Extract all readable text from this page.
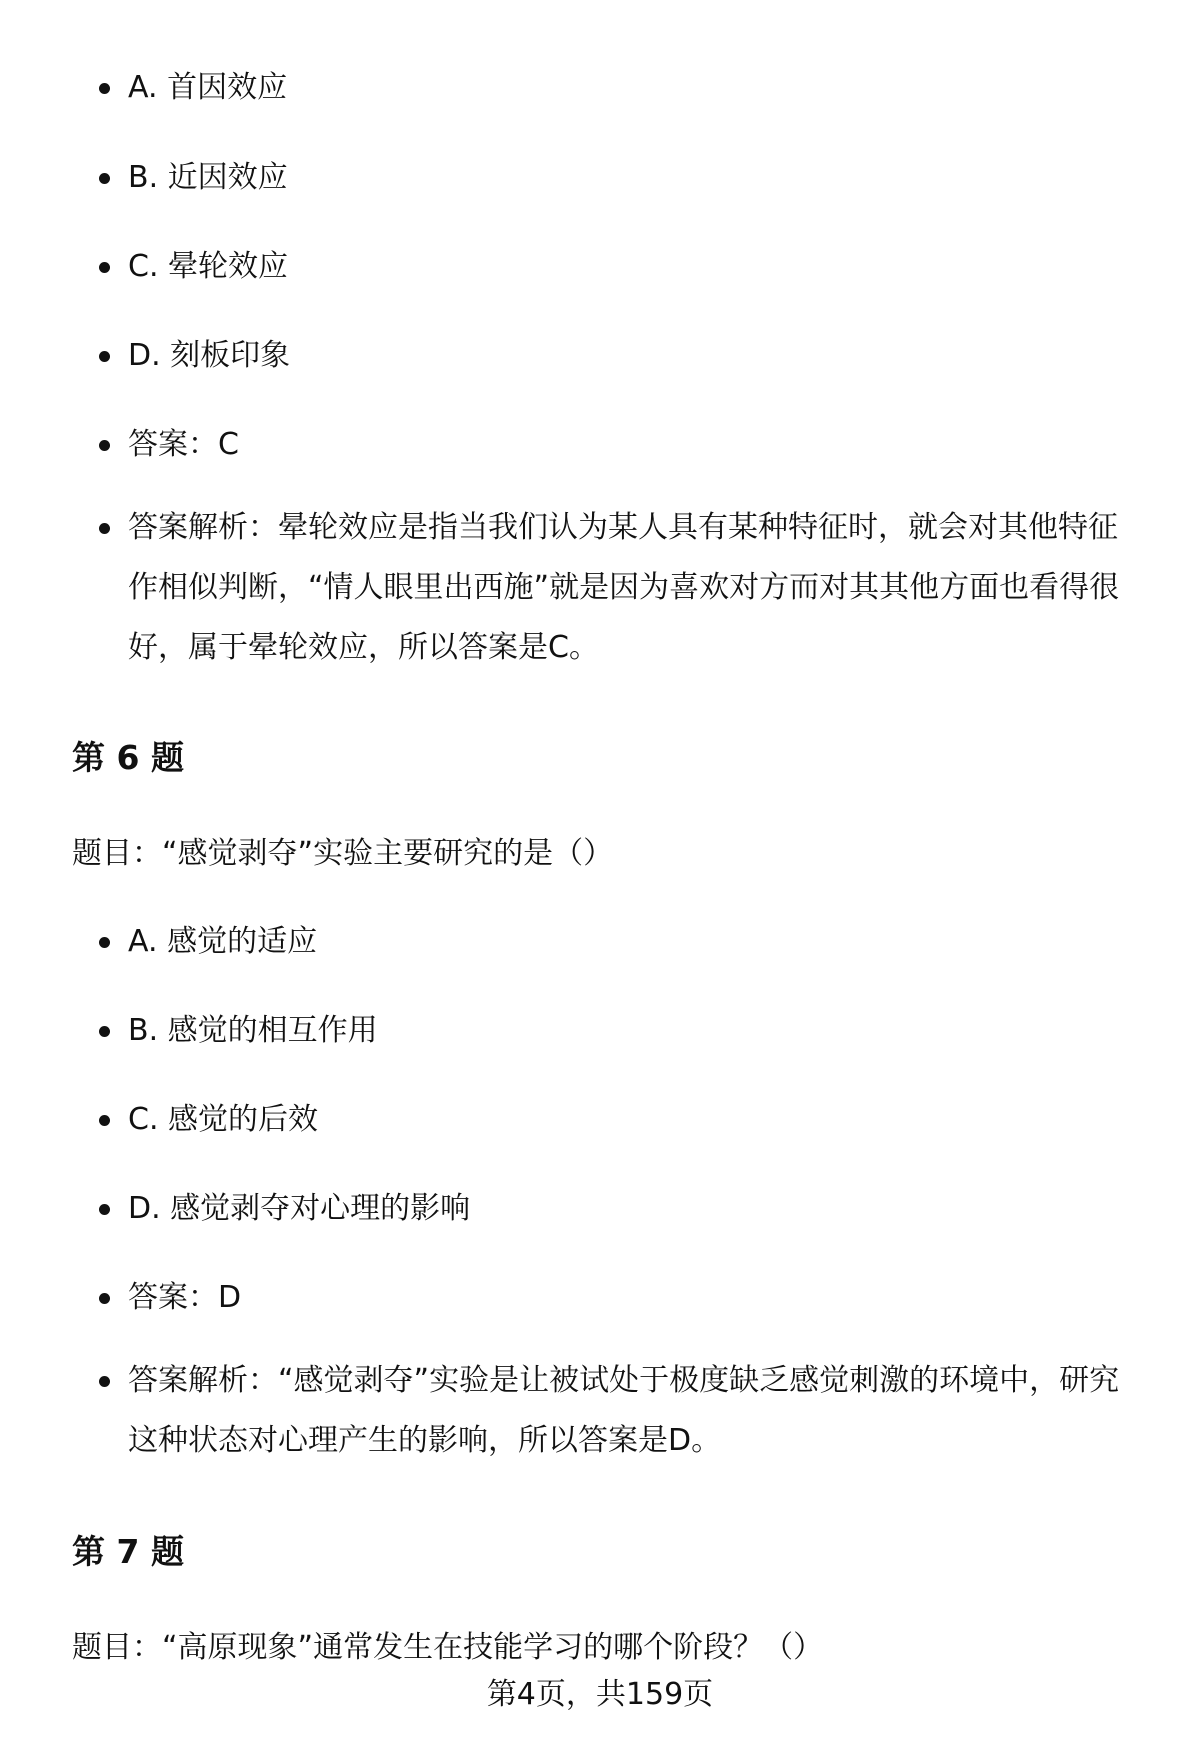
A. 首因效应
B. 近因效应
C. 晕轮效应
D. 刻板印象
答案：C
答案解析：晕轮效应是指当我们认为某人具有某种特征时，就会对其他特征作相似判断，“情人眼里出西施”就是因为喜欢对方而对其其他方面也看得很好，属于晕轮效应，所以答案是C。
第 6 题

题目：“感觉剥夺”实验主要研究的是（）

A. 感觉的适应
B. 感觉的相互作用
C. 感觉的后效
D. 感觉剥夺对心理的影响
答案：D
答案解析：“感觉剥夺”实验是让被试处于极度缺乏感觉刺激的环境中，研究这种状态对心理产生的影响，所以答案是D。
第 7 题

题目：“高原现象”通常发生在技能学习的哪个阶段？（）

第4页，共159页
